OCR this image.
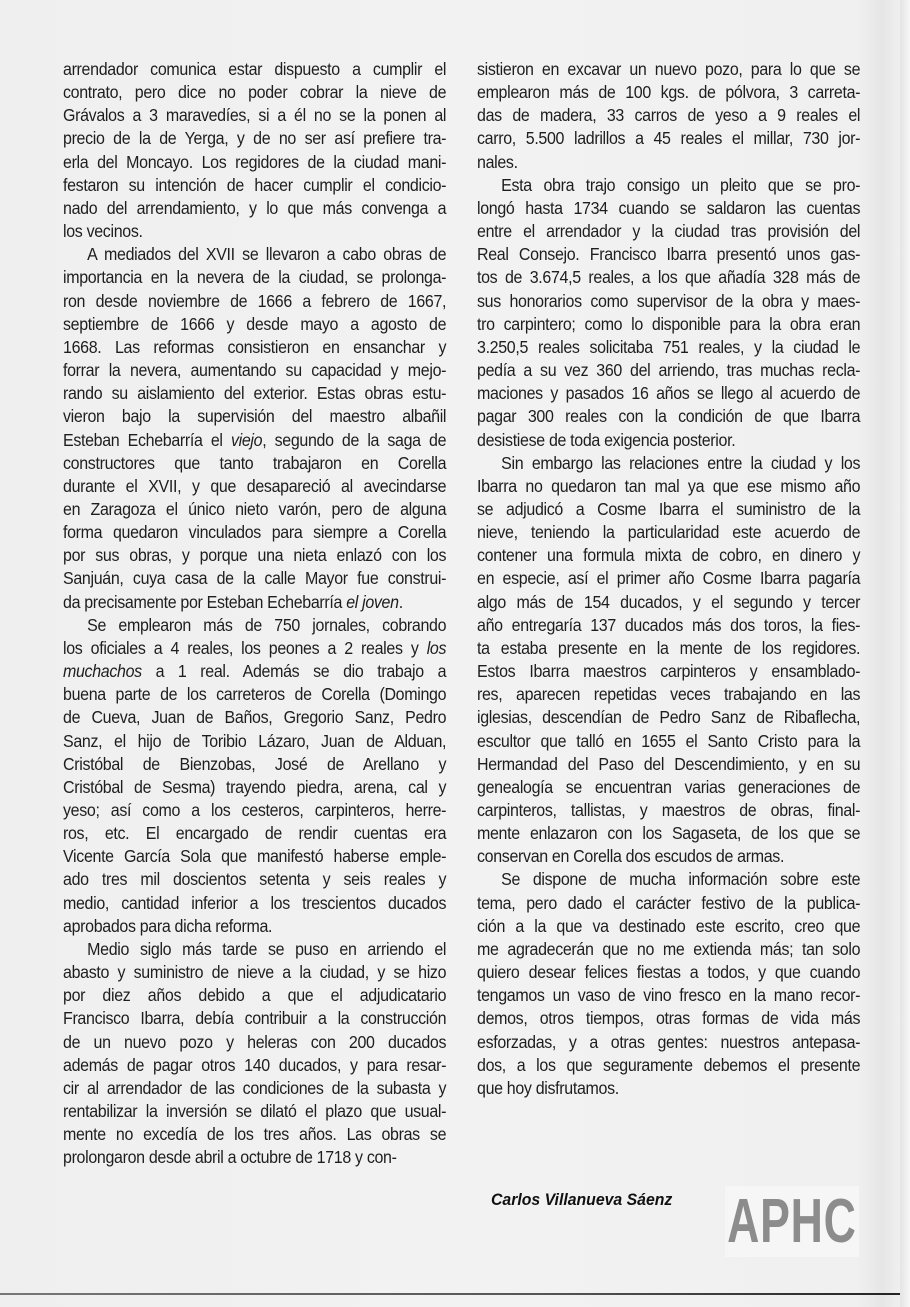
arrendador comunica estar dispuesto a cumplir el
contrato, pero dice no poder cobrar la nieve de
Grávalos a 3 maravedíes, si a él no se la ponen al
precio de la de Yerga, y de no ser así prefiere tra-
erla del Moncayo. Los regidores de la ciudad mani-
festaron su intención de hacer cumplir el condicio-
nado del arrendamiento, y lo que más convenga a
los vecinos.

A mediados del XVII se llevaron a cabo obras de
importancia en la nevera de la ciudad, se prolonga-
ron desde noviembre de 1666 a febrero de 1667,
septiembre de 1666 y desde mayo a agosto de
1668. Las reformas consistieron en ensanchar y
forrar la nevera, aumentando su capacidad y mejo-
rando su aislamiento del exterior. Estas obras estu-
vieron bajo la supervisión del maestro albañil
Esteban Echebarría el viejo, segundo de la saga de
constructores que tanto trabajaron en Corella
durante el XVII, y que desapareció al avecindarse
en Zaragoza el único nieto varón, pero de alguna
forma quedaron vinculados para siempre a Corella
por sus obras, y porque una nieta enlazó con los
Sanjuán, cuya casa de la calle Mayor fue construi-
da precisamente por Esteban Echebarría el joven.

Se emplearon más de 750 jornales, cobrando
los oficiales a 4 reales, los peones a 2 reales y los
muchachos a 1 real. Además se dio trabajo a
buena parte de los carreteros de Corella (Domingo
de Cueva, Juan de Baños, Gregorio Sanz, Pedro
Sanz, el hijo de Toribio Lázaro, Juan de Alduan,
Cristóbal de Bienzobas, José de Arellano y
Cristóbal de Sesma) trayendo piedra, arena, cal y
yeso; así como a los cesteros, carpinteros, herre-
ros, etc. El encargado de rendir cuentas era
Vicente García Sola que manifestó haberse emple-
ado tres mil doscientos setenta y seis reales y
medio, cantidad inferior a los trescientos ducados
aprobados para dicha reforma.

Medio siglo más tarde se puso en arriendo el
abasto y suministro de nieve a la ciudad, y se hizo
por diez años debido a que el adjudicatario
Francisco Ibarra, debía contribuir a la construcción
de un nuevo pozo y heleras con 200 ducados
además de pagar otros 140 ducados, y para resar-
cir al arrendador de las condiciones de la subasta y
rentabilizar la inversión se dilató el plazo que usual-
mente no excedía de los tres años. Las obras se
prolongaron desde abril a octubre de 1718 y con-

sistieron en excavar un nuevo pozo, para lo que se
emplearon más de 100 kgs. de pólvora, 3 carreta-
das de madera, 33 carros de yeso a 9 reales el
carro, 5.500 ladrillos a 45 reales el millar, 730 jor-
nales.

Esta obra trajo consigo un pleito que se pro-
longó hasta 1734 cuando se saldaron las cuentas
entre el arrendador y la ciudad tras provisión del
Real Consejo. Francisco Ibarra presentó unos gas-
tos de 3.674,5 reales, a los que añadía 328 más de
sus honorarios como supervisor de la obra y maes-
tro carpintero; como lo disponible para la obra eran
3.250,5 reales solicitaba 751 reales, y la ciudad le
pedía a su vez 360 del arriendo, tras muchas recla-
maciones y pasados 16 años se llego al acuerdo de
pagar 300 reales con la condición de que Ibarra
desistiese de toda exigencia posterior.

Sin embargo las relaciones entre la ciudad y los
Ibarra no quedaron tan mal ya que ese mismo año
se adjudicó a Cosme Ibarra el suministro de la
nieve, teniendo la particularidad este acuerdo de
contener una formula mixta de cobro, en dinero y
en especie, así el primer año Cosme Ibarra pagaría
algo más de 154 ducados, y el segundo y tercer
año entregaría 137 ducados más dos toros, la fies-
ta estaba presente en la mente de los regidores.
Estos Ibarra maestros carpinteros y ensamblado-
res, aparecen repetidas veces trabajando en las
iglesias, descendían de Pedro Sanz de Ribaflecha,
escultor que talló en 1655 el Santo Cristo para la
Hermandad del Paso del Descendimiento, y en su
genealogía se encuentran varias generaciones de
carpinteros, tallistas, y maestros de obras, final-
mente enlazaron con los Sagaseta, de los que se
conservan en Corella dos escudos de armas.

Se dispone de mucha información sobre este
tema, pero dado el carácter festivo de la publica-
ción a la que va destinado este escrito, creo que
me agradecerán que no me extienda más; tan solo
quiero desear felices fiestas a todos, y que cuando
tengamos un vaso de vino fresco en la mano recor-
demos, otros tiempos, otras formas de vida más
esforzadas, y a otras gentes: nuestros antepasa-
dos, a los que seguramente debemos el presente
que hoy disfrutamos.

Carlos Villanueva Sáenz APHC
